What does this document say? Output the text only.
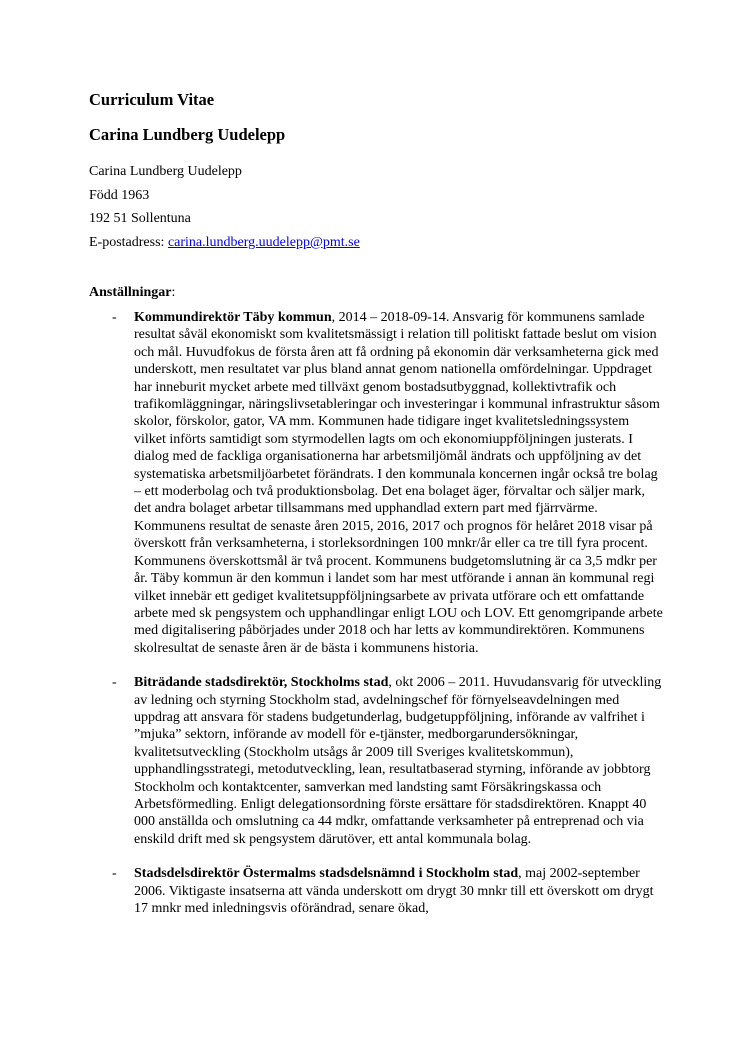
Curriculum Vitae
Carina Lundberg Uudelepp
Carina Lundberg Uudelepp
Född 1963
192 51 Sollentuna
E-postadress: carina.lundberg.uudelepp@pmt.se
Anställningar:
- Kommundirektör Täby kommun, 2014 – 2018-09-14. Ansvarig för kommunens samlade resultat såväl ekonomiskt som kvalitetsmässigt i relation till politiskt fattade beslut om vision och mål. Huvudfokus de första åren att få ordning på ekonomin där verksamheterna gick med underskott, men resultatet var plus bland annat genom nationella omfördelningar. Uppdraget har inneburit mycket arbete med tillväxt genom bostadsutbyggnad, kollektivtrafik och trafikomläggningar, näringslivsetableringar och investeringar i kommunal infrastruktur såsom skolor, förskolor, gator, VA mm. Kommunen hade tidigare inget kvalitetsledningssystem vilket införts samtidigt som styrmodellen lagts om och ekonomiuppföljningen justerats. I dialog med de fackliga organisationerna har arbetsmiljömål ändrats och uppföljning av det systematiska arbetsmiljöarbetet förändrats. I den kommunala koncernen ingår också tre bolag – ett moderbolag och två produktionsbolag. Det ena bolaget äger, förvaltar och säljer mark, det andra bolaget arbetar tillsammans med upphandlad extern part med fjärrvärme. Kommunens resultat de senaste åren 2015, 2016, 2017 och prognos för helåret 2018 visar på överskott från verksamheterna, i storleksordningen 100 mnkr/år eller ca tre till fyra procent. Kommunens överskottsmål är två procent. Kommunens budgetomslutning är ca 3,5 mdkr per år. Täby kommun är den kommun i landet som har mest utförande i annan än kommunal regi vilket innebär ett gediget kvalitetsuppföljningsarbete av privata utförare och ett omfattande arbete med sk pengsystem och upphandlingar enligt LOU och LOV. Ett genomgripande arbete med digitalisering påbörjades under 2018 och har letts av kommundirektören. Kommunens skolresultat de senaste åren är de bästa i kommunens historia.
- Biträdande stadsdirektör, Stockholms stad, okt 2006 – 2011. Huvudansvarig för utveckling av ledning och styrning Stockholm stad, avdelningschef för förnyelseavdelningen med uppdrag att ansvara för stadens budgetunderlag, budgetuppföljning, införande av valfrihet i ”mjuka” sektorn, införande av modell för e-tjänster, medborgarundersökningar, kvalitetsutveckling (Stockholm utsågs år 2009 till Sveriges kvalitetskommun), upphandlingsstrategi, metodutveckling, lean, resultatbaserad styrning, införande av jobbtorg Stockholm och kontaktcenter, samverkan med landsting samt Försäkringskassa och Arbetsförmedling. Enligt delegationsordning förste ersättare för stadsdirektören. Knappt 40 000 anställda och omslutning ca 44 mdkr, omfattande verksamheter på entreprenad och via enskild drift med sk pengsystem därutöver, ett antal kommunala bolag.
- Stadsdelsdirektör Östermalms stadsdelsnämnd i Stockholm stad, maj 2002-september 2006. Viktigaste insatserna att vända underskott om drygt 30 mnkr till ett överskott om drygt 17 mnkr med inledningsvis oförändrad, senare ökad,
